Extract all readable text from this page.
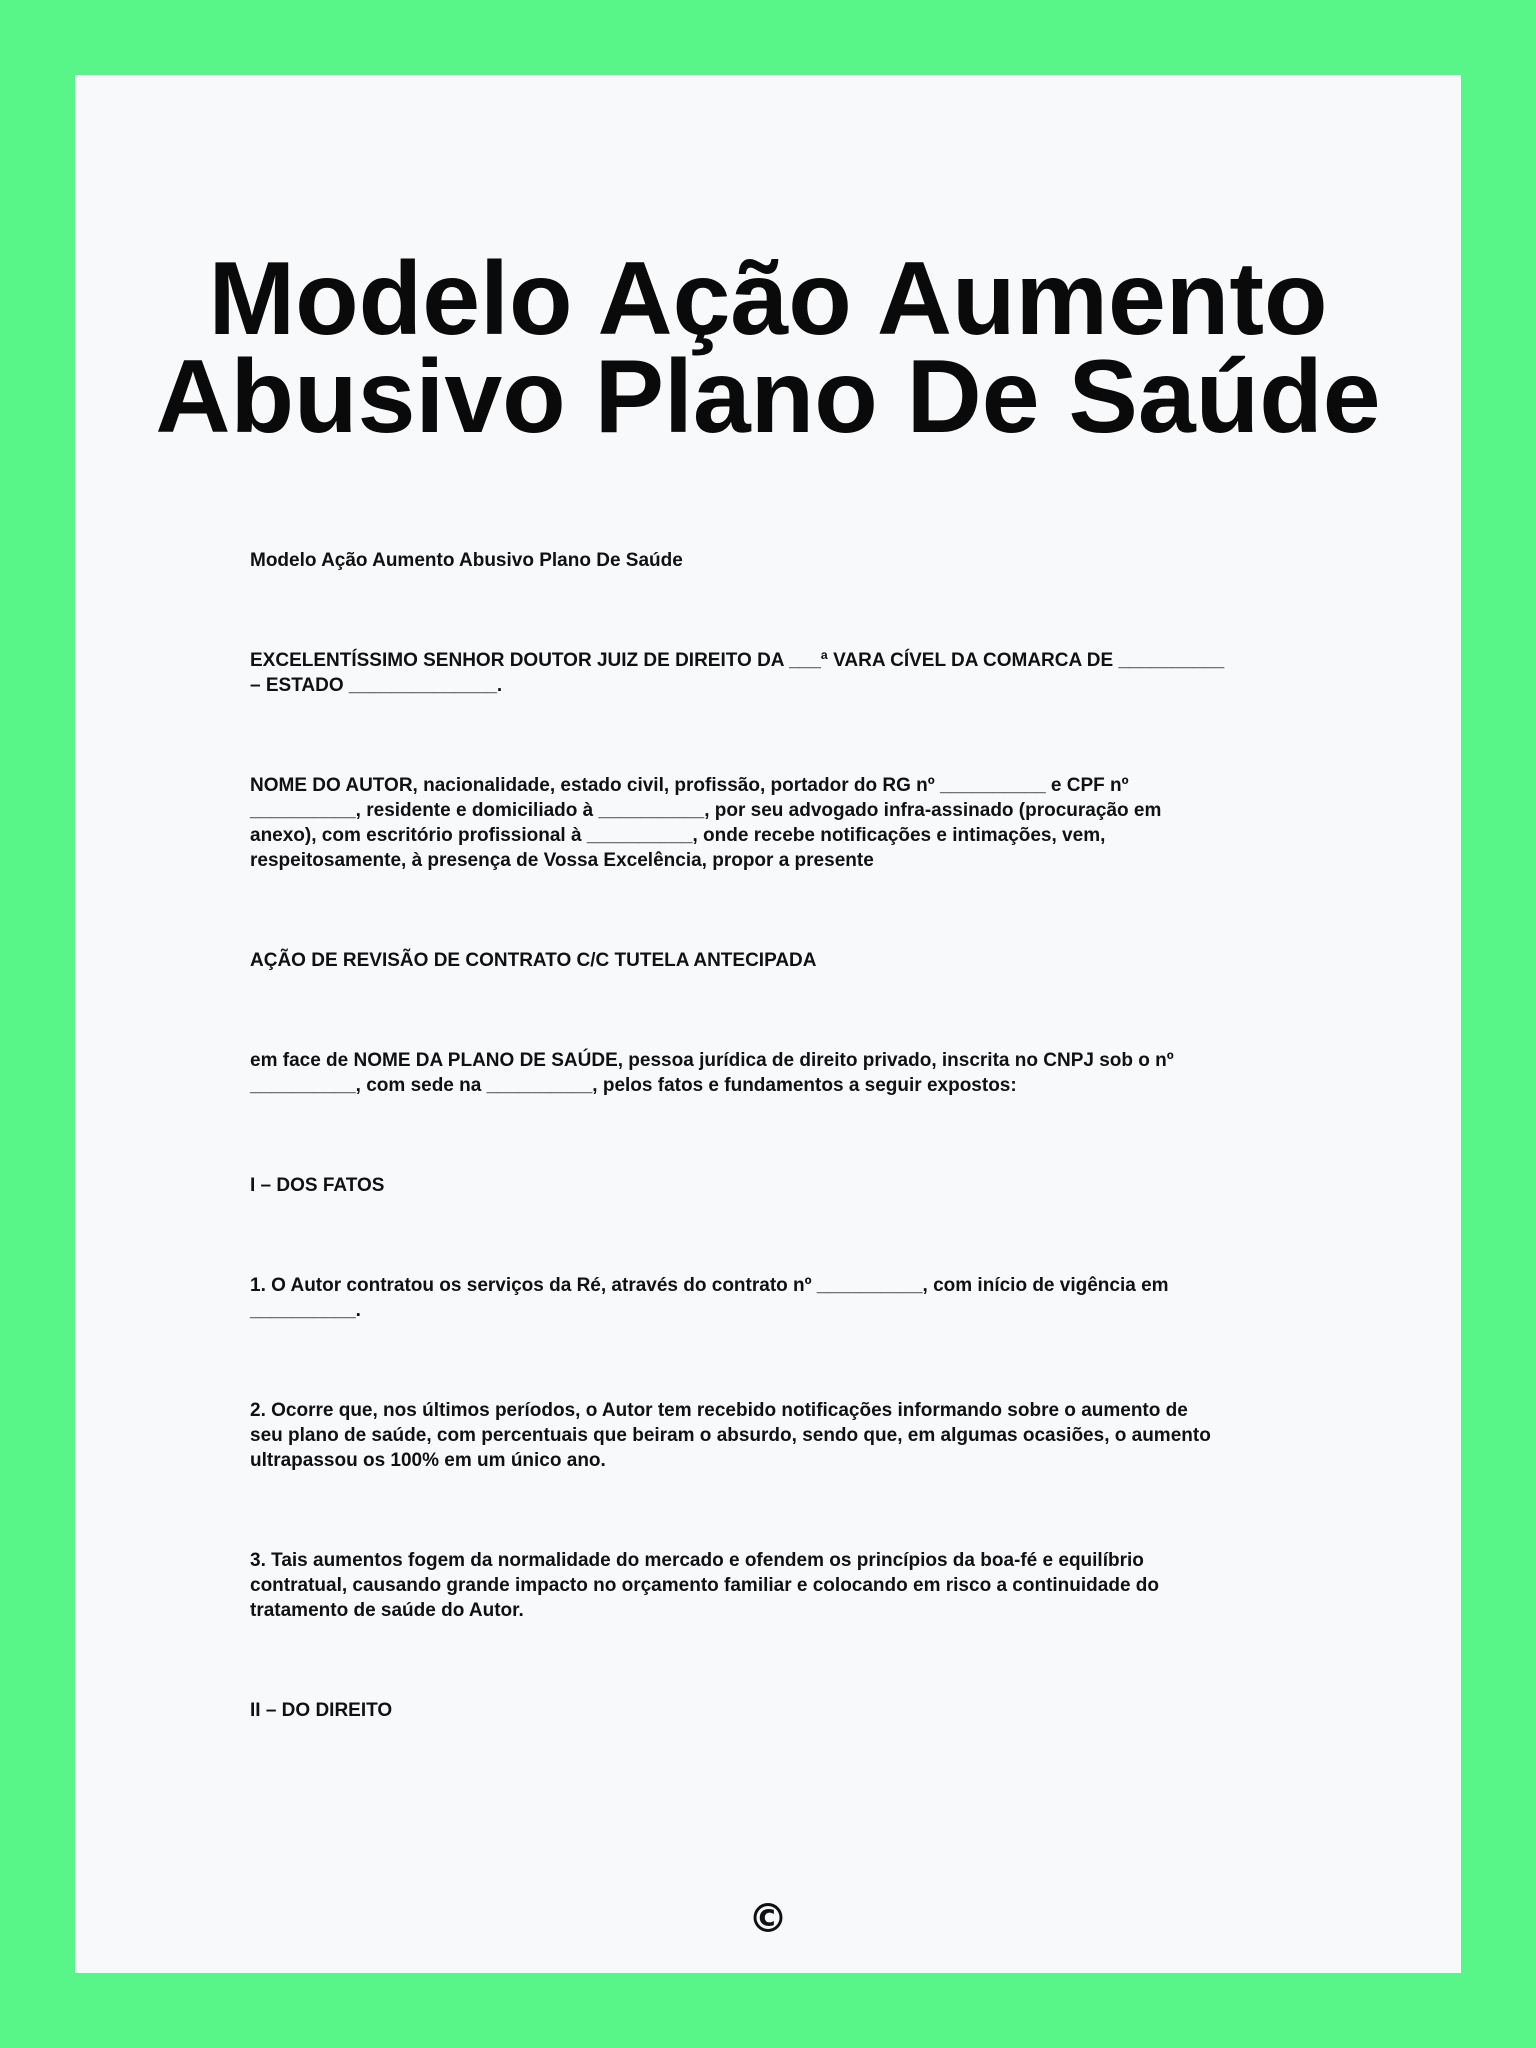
Modelo Ação Aumento
Abusivo Plano De Saúde

Modelo Ação Aumento Abusivo Plano De Saúde

EXCELENTÍSSIMO SENHOR DOUTOR JUIZ DE DIREITO DA ___ª VARA CÍVEL DA COMARCA DE __________
– ESTADO ______________.

NOME DO AUTOR, nacionalidade, estado civil, profissão, portador do RG nº __________ e CPF nº
__________, residente e domiciliado à __________, por seu advogado infra-assinado (procuração em
anexo), com escritório profissional à __________, onde recebe notificações e intimações, vem,
respeitosamente, à presença de Vossa Excelência, propor a presente

AÇÃO DE REVISÃO DE CONTRATO C/C TUTELA ANTECIPADA

em face de NOME DA PLANO DE SAÚDE, pessoa jurídica de direito privado, inscrita no CNPJ sob o nº
__________, com sede na __________, pelos fatos e fundamentos a seguir expostos:

I – DOS FATOS

1. O Autor contratou os serviços da Ré, através do contrato nº __________, com início de vigência em
__________.

2. Ocorre que, nos últimos períodos, o Autor tem recebido notificações informando sobre o aumento de
seu plano de saúde, com percentuais que beiram o absurdo, sendo que, em algumas ocasiões, o aumento
ultrapassou os 100% em um único ano.

3. Tais aumentos fogem da normalidade do mercado e ofendem os princípios da boa-fé e equilíbrio
contratual, causando grande impacto no orçamento familiar e colocando em risco a continuidade do
tratamento de saúde do Autor.

II – DO DIREITO

©
